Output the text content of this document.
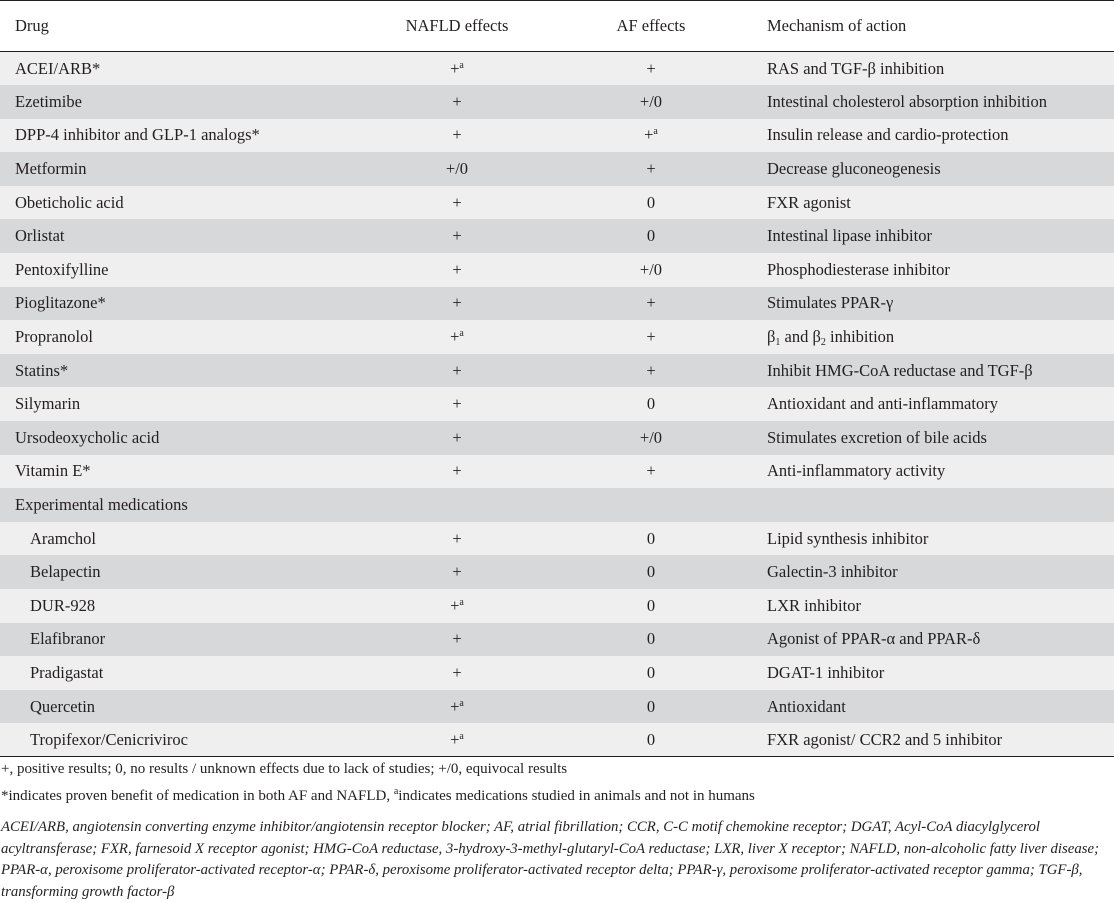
Drug	NAFLD effects	AF effects	Mechanism of action
ACEI/ARB*	+$^a$	+	RAS and TGF-β inhibition
Ezetimibe	+	+/0	Intestinal cholesterol absorption inhibition
DPP-4 inhibitor and GLP-1 analogs*	+	+$^a$	Insulin release and cardio-protection
Metformin	+/0	+	Decrease gluconeogenesis
Obeticholic acid	+	0	FXR agonist
Orlistat	+	0	Intestinal lipase inhibitor
Pentoxifylline	+	+/0	Phosphodiesterase inhibitor
Pioglitazone*	+	+	Stimulates PPAR-γ
Propranolol	+$^a$	+	$\beta_1$ and $\beta_2$ inhibition
Statins*	+	+	Inhibit HMG-CoA reductase and TGF-β
Silymarin	+	0	Antioxidant and anti-inflammatory
Ursodeoxycholic acid	+	+/0	Stimulates excretion of bile acids
Vitamin E*	+	+	Anti-inflammatory activity
Experimental medications			
Aramchol	+	0	Lipid synthesis inhibitor
Belapectin	+	0	Galectin-3 inhibitor
DUR-928	+$^a$	0	LXR inhibitor
Elafibranor	+	0	Agonist of PPAR-α and PPAR-δ
Pradigastat	+	0	DGAT-1 inhibitor
Quercetin	+$^a$	0	Antioxidant
Tropifexor/Cenicriviroc	+$^a$	0	FXR agonist/ CCR2 and 5 inhibitor
+, positive results; 0, no results / unknown effects due to lack of studies; +/0, equivocal results
*indicates proven benefit of medication in both AF and NAFLD, $^a$indicates medications studied in animals and not in humans
ACEI/ARB, angiotensin converting enzyme inhibitor/angiotensin receptor blocker; AF, atrial fibrillation; CCR, C-C motif chemokine receptor; DGAT, Acyl-CoA diacylglycerol acyltransferase; FXR, farnesoid X receptor agonist; HMG-CoA reductase, 3-hydroxy-3-methyl-glutaryl-CoA reductase; LXR, liver X receptor; NAFLD, non-alcoholic fatty liver disease; PPAR-α, peroxisome proliferator-activated receptor-α; PPAR-δ, peroxisome proliferator-activated receptor delta; PPAR-γ, peroxisome proliferator-activated receptor gamma; TGF-β, transforming growth factor-β
